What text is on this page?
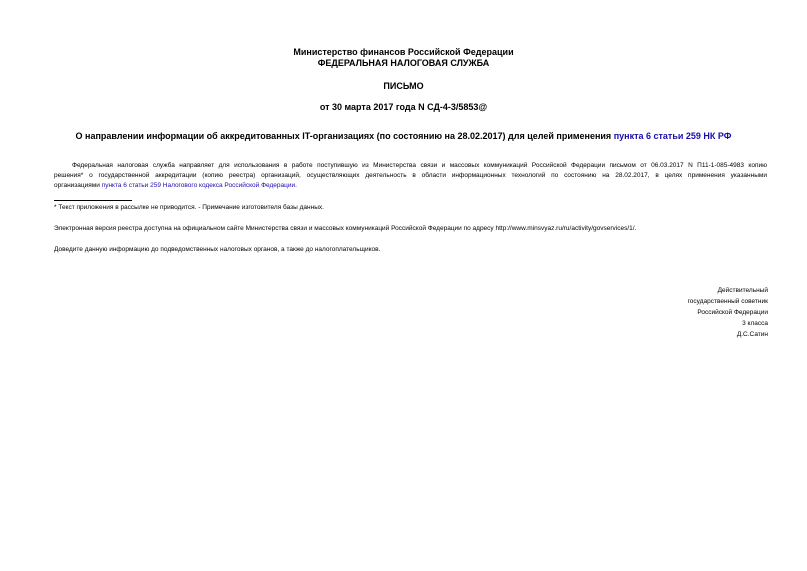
Министерство финансов Российской Федерации
ФЕДЕРАЛЬНАЯ НАЛОГОВАЯ СЛУЖБА
ПИСЬМО
от 30 марта 2017 года N СД-4-3/5853@
О направлении информации об аккредитованных IT-организациях (по состоянию на 28.02.2017) для целей применения пункта 6 статьи 259 НК РФ
Федеральная налоговая служба направляет для использования в работе поступившую из Министерства связи и массовых коммуникаций Российской Федерации письмом от 06.03.2017 N П11-1-085-4983 копию
решения* о государственной аккредитации (копию реестра) организаций, осуществляющих деятельность в области информационных технологий по состоянию на 28.02.2017, в целях применения указанными
организациями пункта 6 статьи 259 Налогового кодекса Российской Федерации.
* Текст приложения в рассылке не приводится. - Примечание изготовителя базы данных.
Электронная версия реестра доступна на официальном сайте Министерства связи и массовых коммуникаций Российской Федерации по адресу http://www.minsvyaz.ru/ru/activity/govservices/1/.
Доведите данную информацию до подведомственных налоговых органов, а также до налогоплательщиков.
Действительный
государственный советник
Российской Федерации
3 класса
Д.С.Сатин
